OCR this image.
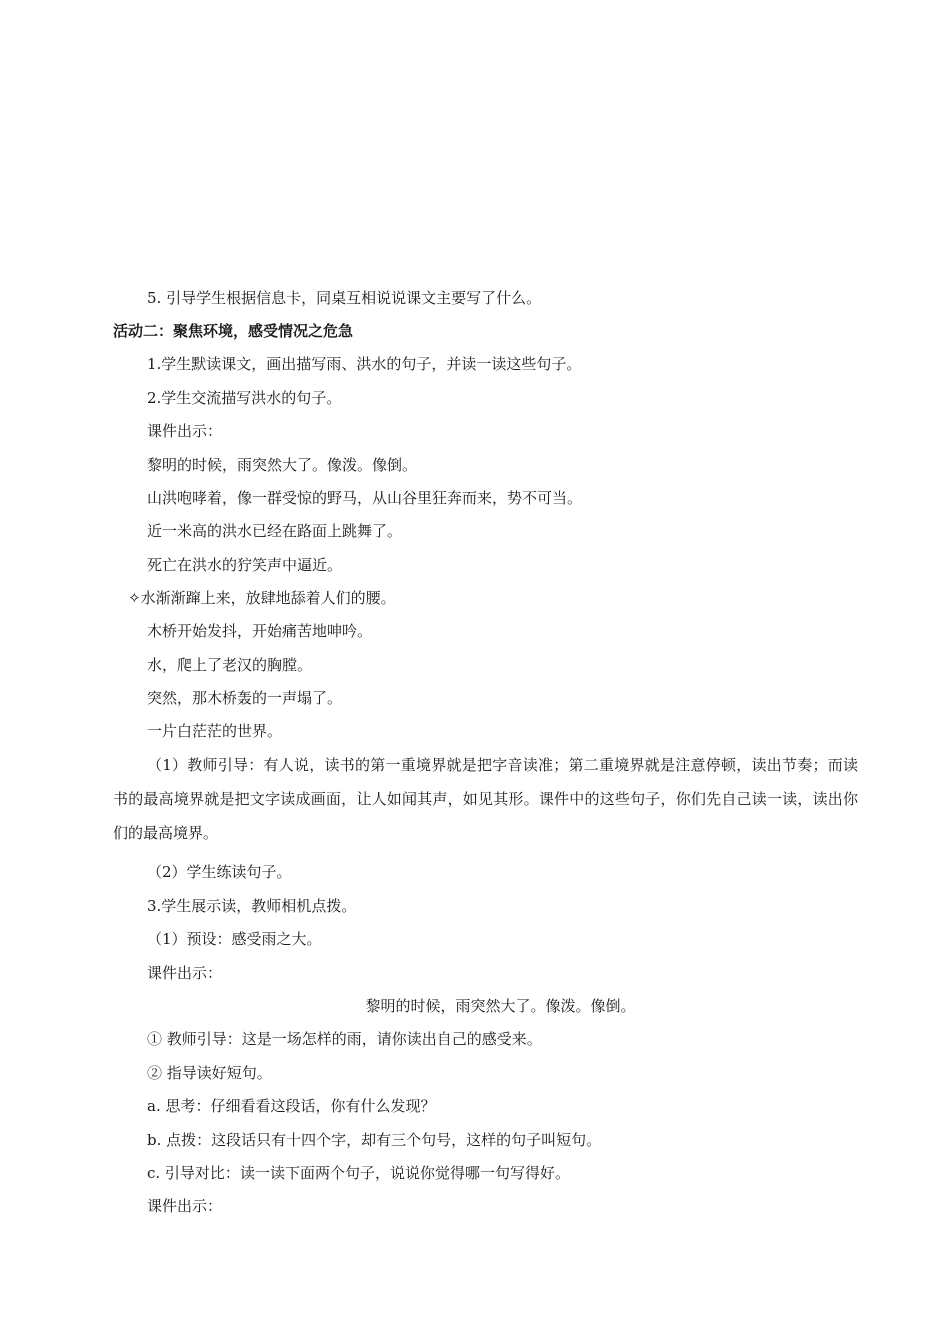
5. 引导学生根据信息卡，同桌互相说说课文主要写了什么。
活动二：聚焦环境，感受情况之危急
1.学生默读课文，画出描写雨、洪水的句子，并读一读这些句子。
2.学生交流描写洪水的句子。
课件出示：
黎明的时候，雨突然大了。像泼。像倒。
山洪咆哮着，像一群受惊的野马，从山谷里狂奔而来，势不可当。
近一米高的洪水已经在路面上跳舞了。
死亡在洪水的狞笑声中逼近。
✧水渐渐蹿上来，放肆地舔着人们的腰。
木桥开始发抖，开始痛苦地呻吟。
水，爬上了老汉的胸膛。
突然，那木桥轰的一声塌了。
一片白茫茫的世界。
（1）教师引导：有人说，读书的第一重境界就是把字音读准；第二重境界就是注意停顿，读出节奏；而读书的最高境界就是把文字读成画面，让人如闻其声，如见其形。课件中的这些句子，你们先自己读一读，读出你们的最高境界。
（2）学生练读句子。
3.学生展示读，教师相机点拨。
（1）预设：感受雨之大。
课件出示：
黎明的时候，雨突然大了。像泼。像倒。
① 教师引导：这是一场怎样的雨，请你读出自己的感受来。
② 指导读好短句。
a. 思考：仔细看看这段话，你有什么发现？
b. 点拨：这段话只有十四个字，却有三个句号，这样的句子叫短句。
c. 引导对比：读一读下面两个句子，说说你觉得哪一句写得好。
课件出示：
